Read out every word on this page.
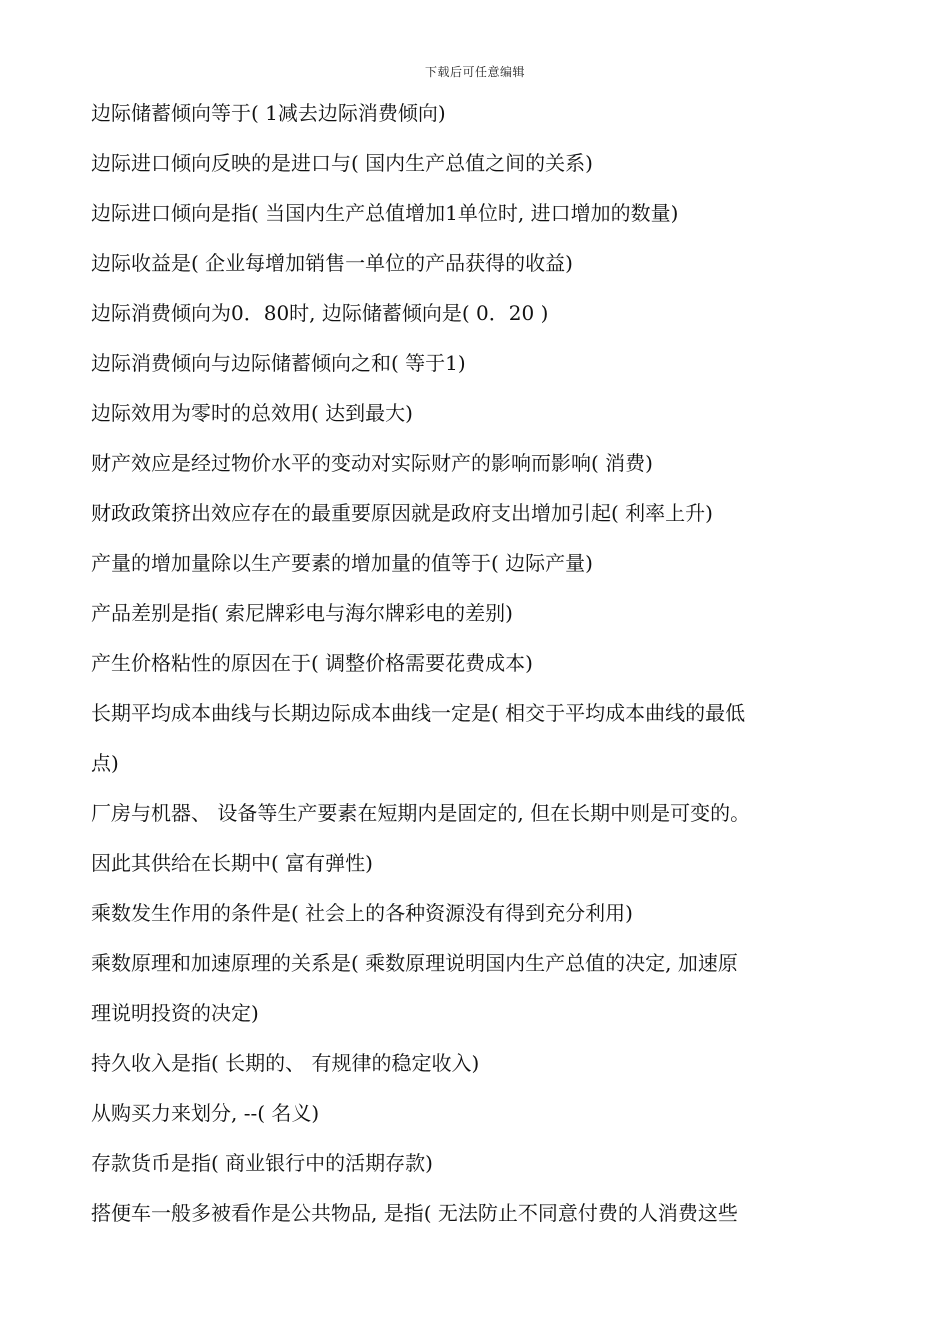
下载后可任意编辑
边际储蓄倾向等于( 1减去边际消费倾向)
边际进口倾向反映的是进口与( 国内生产总值之间的关系)
边际进口倾向是指( 当国内生产总值增加1单位时, 进口增加的数量)
边际收益是( 企业每增加销售一单位的产品获得的收益)
边际消费倾向为0．80时, 边际储蓄倾向是( 0．20 )
边际消费倾向与边际储蓄倾向之和( 等于1)
边际效用为零时的总效用( 达到最大)
财产效应是经过物价水平的变动对实际财产的影响而影响( 消费)
财政政策挤出效应存在的最重要原因就是政府支出增加引起( 利率上升)
产量的增加量除以生产要素的增加量的值等于( 边际产量)
产品差别是指( 索尼牌彩电与海尔牌彩电的差别)
产生价格粘性的原因在于( 调整价格需要花费成本)
长期平均成本曲线与长期边际成本曲线一定是( 相交于平均成本曲线的最低
点)
厂房与机器、 设备等生产要素在短期内是固定的, 但在长期中则是可变的。
因此其供给在长期中( 富有弹性)
乘数发生作用的条件是( 社会上的各种资源没有得到充分利用)
乘数原理和加速原理的关系是( 乘数原理说明国内生产总值的决定, 加速原
理说明投资的决定)
持久收入是指( 长期的、 有规律的稳定收入)
从购买力来划分, --( 名义)
存款货币是指( 商业银行中的活期存款)
搭便车一般多被看作是公共物品, 是指( 无法防止不同意付费的人消费这些
